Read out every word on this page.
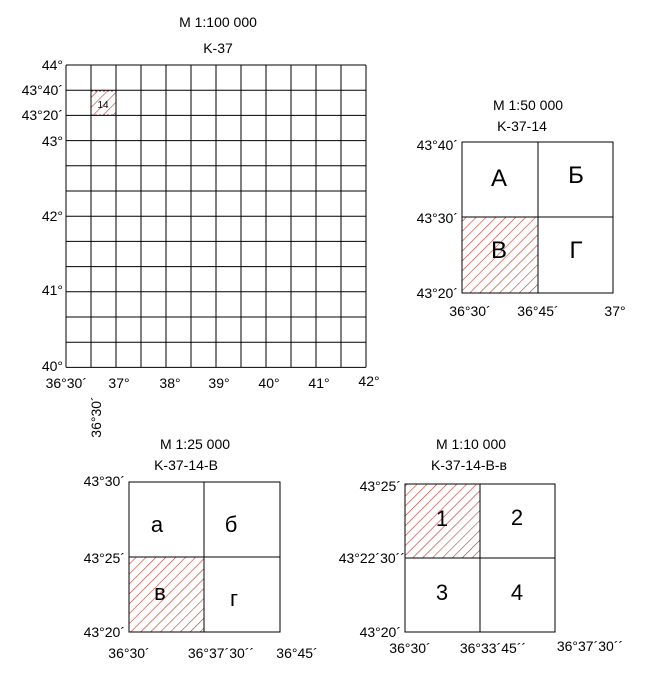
M 1:100 000
K-37
14
44°
43°40´
43°20´
43°
42°
41°
40°
36°30´
36°30´
37° 38° 39° 40° 41° 42°
M 1:50 000
K-37-14
А	Б
В	Г
43°40´
43°30´
43°20´
36°30´ 36°45´	37°
M 1:25 000
K-37-14-B
а	б
в	г
43°30´
43°25´
43°20´
36°30´	36°37´30´´ 36°45´
M 1:10 000
K-37-14-B-в
1	2
3	4
43°25´
43°22´30´´
43°20´
36°30´ 36°33´45´´ 36°37´30´´
